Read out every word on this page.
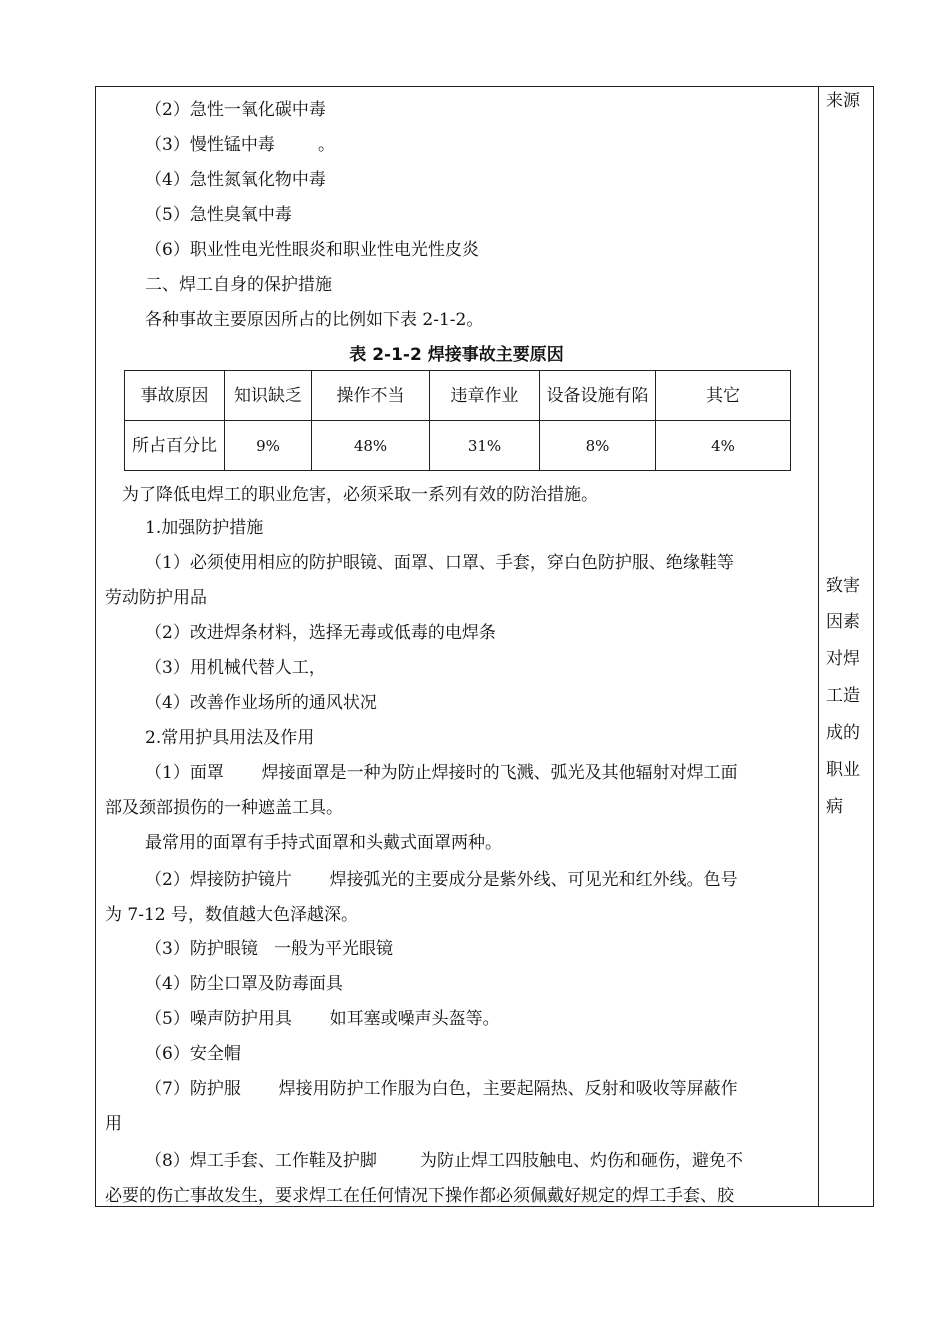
（2）急性一氧化碳中毒
（3）慢性锰中毒        。
（4）急性氮氧化物中毒
（5）急性臭氧中毒
（6）职业性电光性眼炎和职业性电光性皮炎
二、焊工自身的保护措施
各种事故主要原因所占的比例如下表 2-1-2。
表 2-1-2 焊接事故主要原因
事故原因	知识缺乏	操作不当	违章作业	设备设施有陷	其它
所占百分比	9%	48%	31%	8%	4%
为了降低电焊工的职业危害，必须采取一系列有效的防治措施。
1.加强防护措施
（1）必须使用相应的防护眼镜、面罩、口罩、手套，穿白色防护服、绝缘鞋等
劳动防护用品
（2）改进焊条材料，选择无毒或低毒的电焊条
（3）用机械代替人工，
（4）改善作业场所的通风状况
2.常用护具用法及作用
（1）面罩       焊接面罩是一种为防止焊接时的飞溅、弧光及其他辐射对焊工面
部及颈部损伤的一种遮盖工具。
最常用的面罩有手持式面罩和头戴式面罩两种。
（2）焊接防护镜片       焊接弧光的主要成分是紫外线、可见光和红外线。色号
为 7-12 号，数值越大色泽越深。
（3）防护眼镜   一般为平光眼镜
（4）防尘口罩及防毒面具
（5）噪声防护用具       如耳塞或噪声头盔等。
（6）安全帽
（7）防护服       焊接用防护工作服为白色，主要起隔热、反射和吸收等屏蔽作
用
（8）焊工手套、工作鞋及护脚        为防止焊工四肢触电、灼伤和砸伤，避免不
必要的伤亡事故发生，要求焊工在任何情况下操作都必须佩戴好规定的焊工手套、胶
来源
致害
因素
对焊
工造
成的
职业
病
